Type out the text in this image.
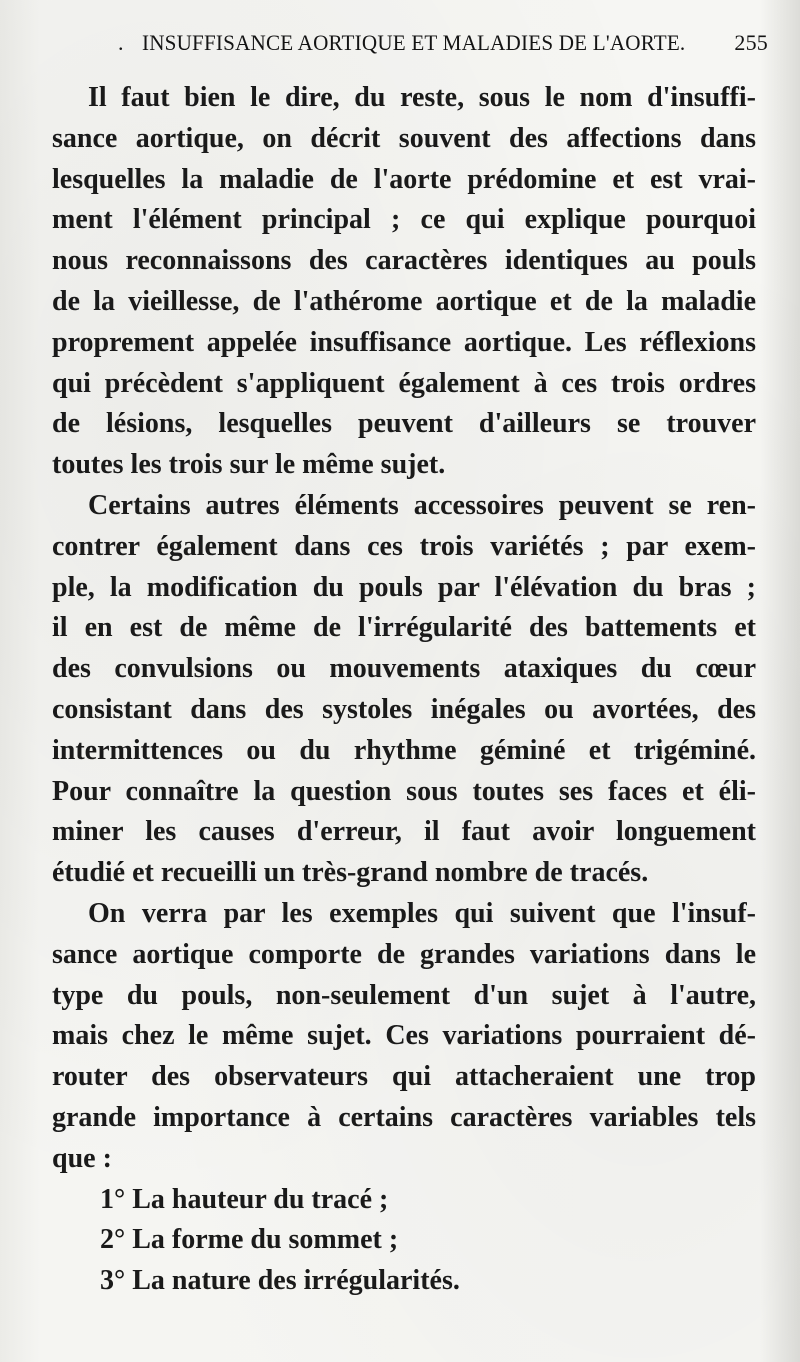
. INSUFFISANCE AORTIQUE ET MALADIES DE L'AORTE. 255
Il faut bien le dire, du reste, sous le nom d'insuffi-
sance aortique, on décrit souvent des affections dans
lesquelles la maladie de l'aorte prédomine et est vrai-
ment l'élément principal ; ce qui explique pourquoi
nous reconnaissons des caractères identiques au pouls
de la vieillesse, de l'athérome aortique et de la maladie
proprement appelée insuffisance aortique. Les réflexions
qui précèdent s'appliquent également à ces trois ordres
de lésions, lesquelles peuvent d'ailleurs se trouver
toutes les trois sur le même sujet.
Certains autres éléments accessoires peuvent se ren-
contrer également dans ces trois variétés ; par exem-
ple, la modification du pouls par l'élévation du bras ;
il en est de même de l'irrégularité des battements et
des convulsions ou mouvements ataxiques du cœur
consistant dans des systoles inégales ou avortées, des
intermittences ou du rhythme géminé et trigéminé.
Pour connaître la question sous toutes ses faces et éli-
miner les causes d'erreur, il faut avoir longuement
étudié et recueilli un très-grand nombre de tracés.
On verra par les exemples qui suivent que l'insuf-
sance aortique comporte de grandes variations dans le
type du pouls, non-seulement d'un sujet à l'autre,
mais chez le même sujet. Ces variations pourraient dé-
router des observateurs qui attacheraient une trop
grande importance à certains caractères variables tels
que :
1° La hauteur du tracé ;
2° La forme du sommet ;
3° La nature des irrégularités.
